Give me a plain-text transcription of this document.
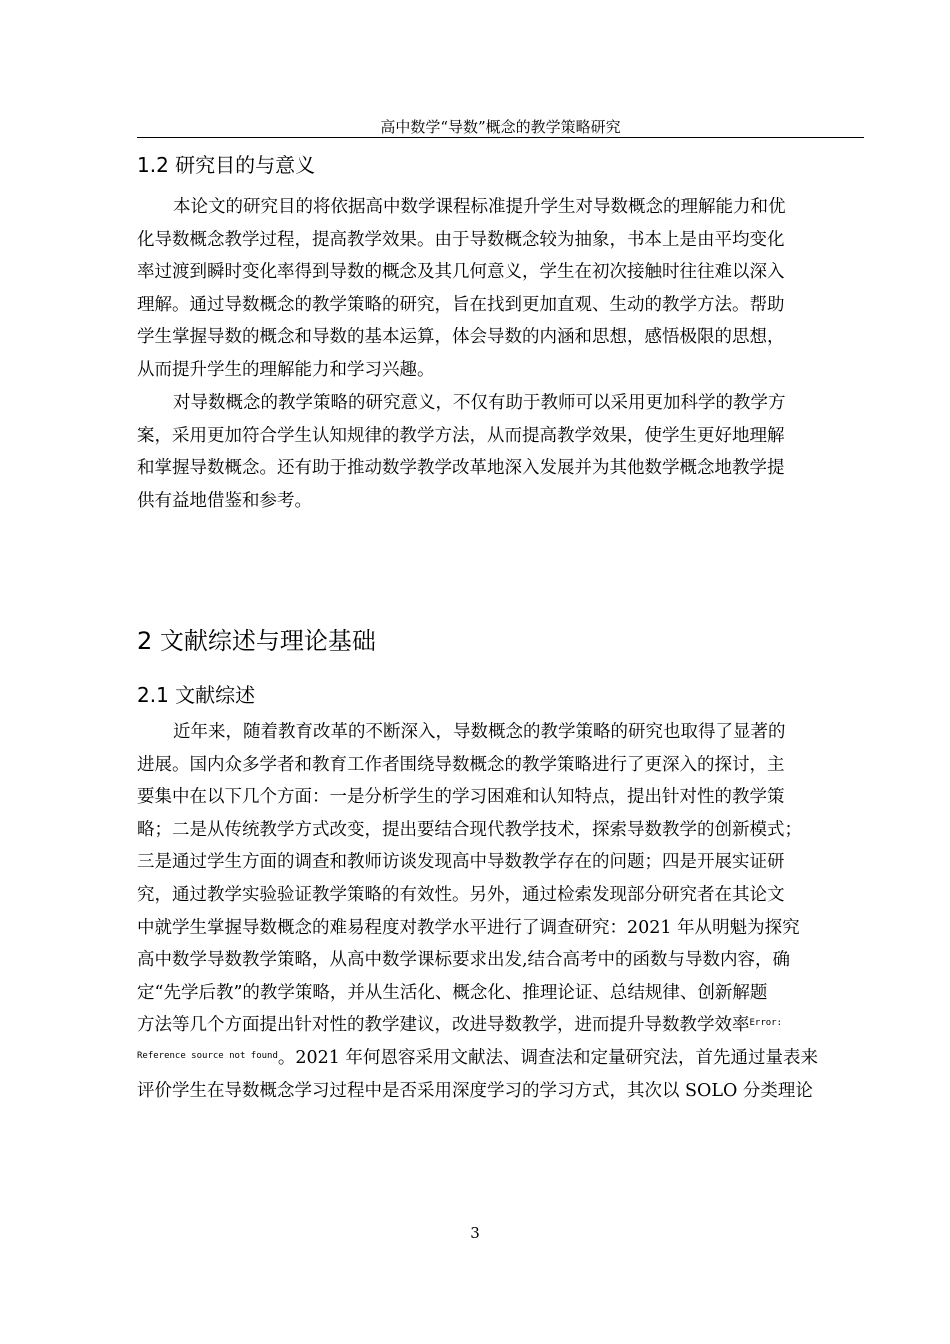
高中数学“导数”概念的教学策略研究
1.2 研究目的与意义

本论文的研究目的将依据高中数学课程标准提升学生对导数概念的理解能力和优
化导数概念教学过程，提高教学效果。由于导数概念较为抽象，书本上是由平均变化
率过渡到瞬时变化率得到导数的概念及其几何意义，学生在初次接触时往往难以深入
理解。通过导数概念的教学策略的研究，旨在找到更加直观、生动的教学方法。帮助
学生掌握导数的概念和导数的基本运算，体会导数的内涵和思想，感悟极限的思想，
从而提升学生的理解能力和学习兴趣。

对导数概念的教学策略的研究意义，不仅有助于教师可以采用更加科学的教学方
案，采用更加符合学生认知规律的教学方法，从而提高教学效果，使学生更好地理解
和掌握导数概念。还有助于推动数学教学改革地深入发展并为其他数学概念地教学提
供有益地借鉴和参考。

2 文献综述与理论基础
2.1 文献综述

近年来，随着教育改革的不断深入，导数概念的教学策略的研究也取得了显著的
进展。国内众多学者和教育工作者围绕导数概念的教学策略进行了更深入的探讨，主
要集中在以下几个方面：一是分析学生的学习困难和认知特点，提出针对性的教学策
略；二是从传统教学方式改变，提出要结合现代教学技术，探索导数教学的创新模式；
三是通过学生方面的调查和教师访谈发现高中导数教学存在的问题；四是开展实证研
究，通过教学实验验证教学策略的有效性。另外，通过检索发现部分研究者在其论文
中就学生掌握导数概念的难易程度对教学水平进行了调查研究：2021 年从明魁为探究
高中数学导数教学策略，从高中数学课标要求出发,结合高考中的函数与导数内容，确
定“先学后教”的教学策略，并从生活化、概念化、推理论证、总结规律、创新解题
方法等几个方面提出针对性的教学建议，改进导数教学，进而提升导数教学效率$^{Error:}$
$^{Reference source not found}$。2021 年何恩容采用文献法、调查法和定量研究法，首先通过量表来
评价学生在导数概念学习过程中是否采用深度学习的学习方式，其次以 SOLO 分类理论

3
